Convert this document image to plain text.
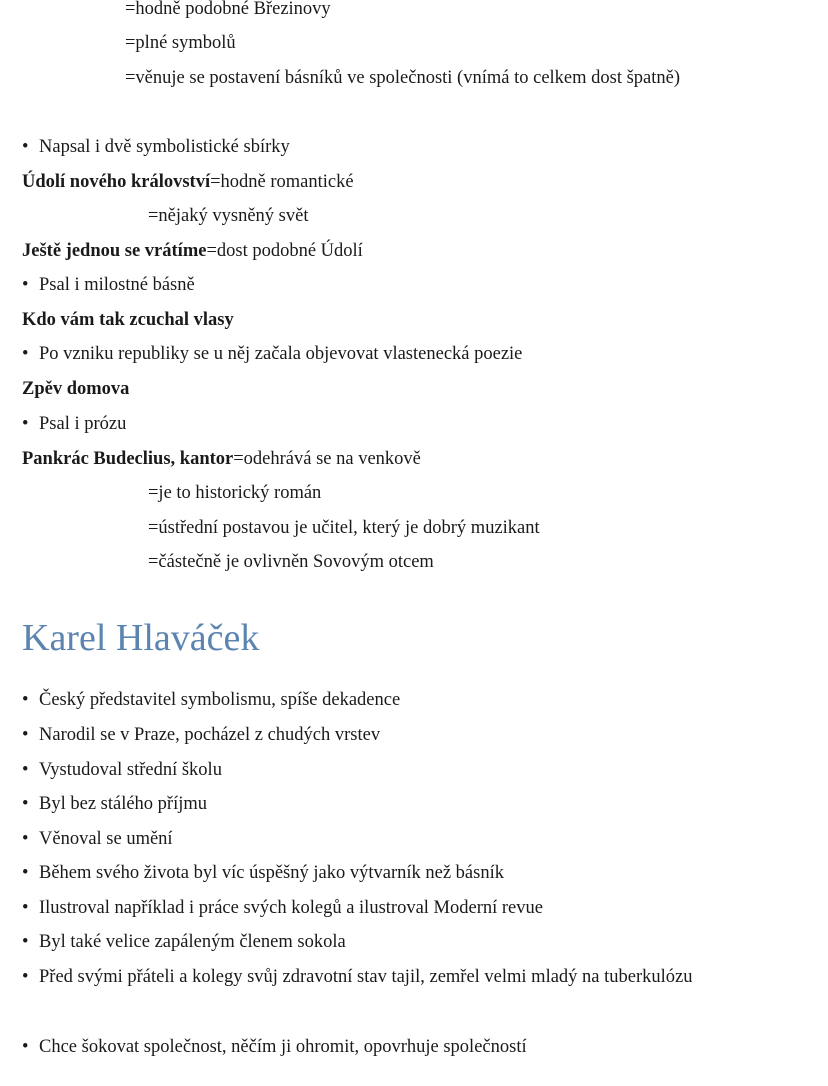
=hodně podobné Březinovy
=plné symbolů
=věnuje se postavení básníků ve společnosti (vnímá to celkem dost špatně)
• Napsal i dvě symbolistické sbírky
Údolí nového království=hodně romantické
=nějaký vysněný svět
Ještě jednou se vrátíme=dost podobné Údolí
• Psal i milostné básně
Kdo vám tak zcuchal vlasy
• Po vzniku republiky se u něj začala objevovat vlastenecká poezie
Zpěv domova
• Psal i prózu
Pankrác Budeclius, kantor=odehrává se na venkově
=je to historický román
=ústřední postavou je učitel, který je dobrý muzikant
=částečně je ovlivněn Sovovým otcem
Karel Hlaváček
• Český představitel symbolismu, spíše dekadence
• Narodil se v Praze, pocházel z chudých vrstev
• Vystudoval střední školu
• Byl bez stálého příjmu
• Věnoval se umění
• Během svého života byl víc úspěšný jako výtvarník než básník
• Ilustroval například i práce svých kolegů a ilustroval Moderní revue
• Byl také velice zapáleným členem sokola
• Před svými přáteli a kolegy svůj zdravotní stav tajil, zemřel velmi mladý na tuberkulózu
• Chce šokovat společnost, něčím ji ohromit, opovrhuje společností
